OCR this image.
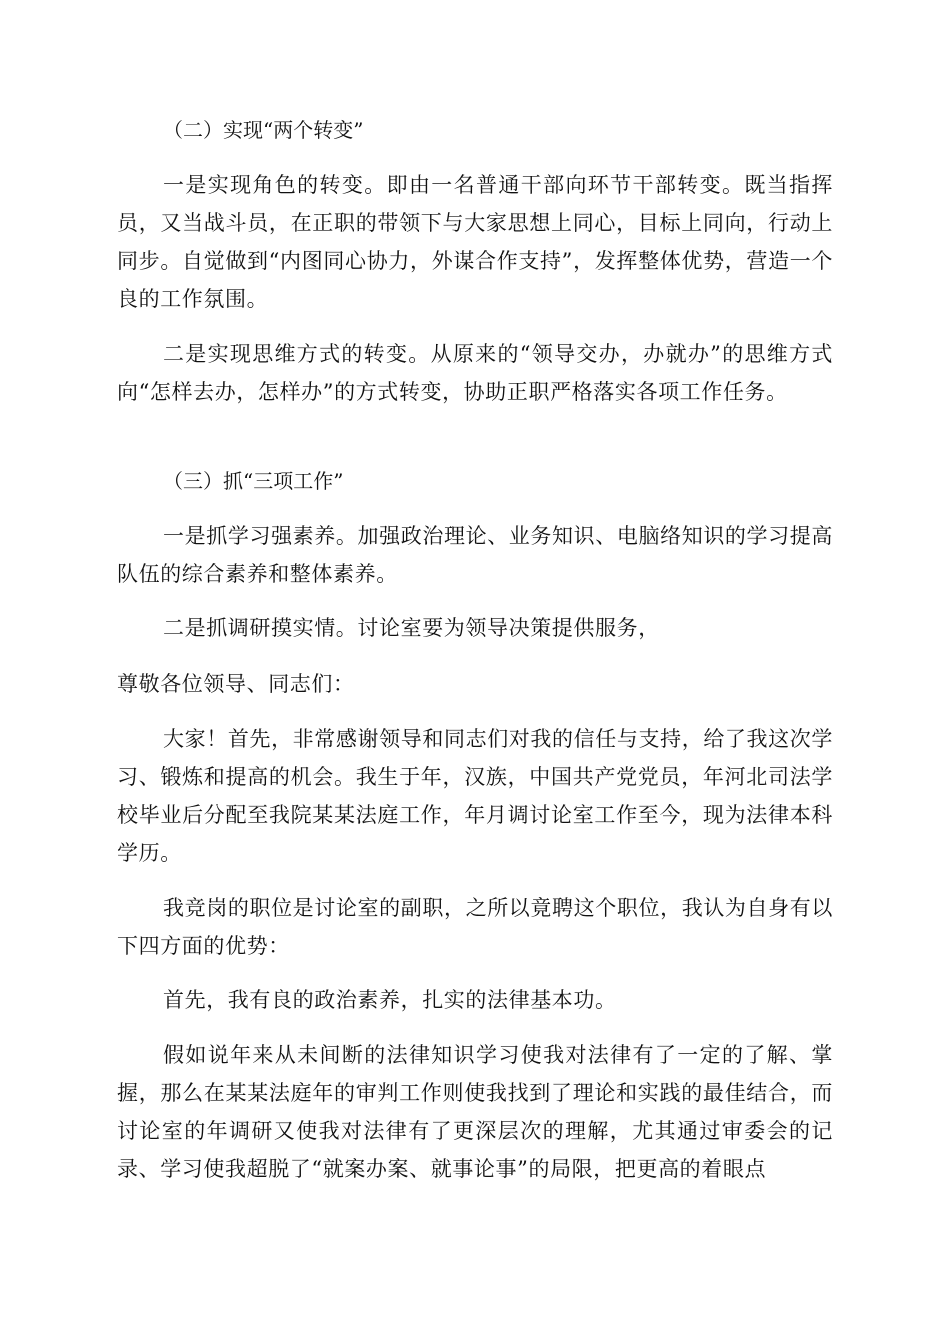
（二）实现“两个转变”

一是实现角色的转变。即由一名普通干部向环节干部转变。既当指挥员，又当战斗员，在正职的带领下与大家思想上同心，目标上同向，行动上同步。自觉做到“内图同心协力，外谋合作支持”，发挥整体优势，营造一个良的工作氛围。

二是实现思维方式的转变。从原来的“领导交办，办就办”的思维方式向“怎样去办，怎样办”的方式转变，协助正职严格落实各项工作任务。

（三）抓“三项工作”

一是抓学习强素养。加强政治理论、业务知识、电脑络知识的学习提高队伍的综合素养和整体素养。

二是抓调研摸实情。讨论室要为领导决策提供服务，

尊敬各位领导、同志们：

大家！首先，非常感谢领导和同志们对我的信任与支持，给了我这次学习、锻炼和提高的机会。我生于年，汉族，中国共产党党员，年河北司法学校毕业后分配至我院某某法庭工作，年月调讨论室工作至今，现为法律本科学历。

我竞岗的职位是讨论室的副职，之所以竟聘这个职位，我认为自身有以下四方面的优势：

首先，我有良的政治素养，扎实的法律基本功。

假如说年来从未间断的法律知识学习使我对法律有了一定的了解、掌握，那么在某某法庭年的审判工作则使我找到了理论和实践的最佳结合，而讨论室的年调研又使我对法律有了更深层次的理解，尤其通过审委会的记录、学习使我超脱了“就案办案、就事论事”的局限，把更高的着眼点
